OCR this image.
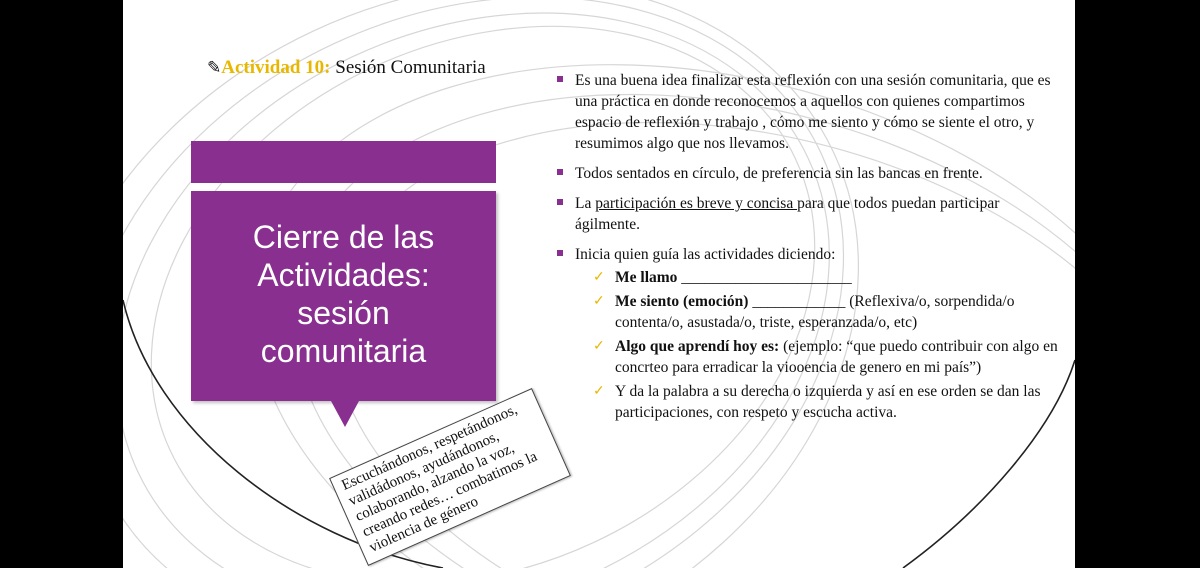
✎Actividad 10: Sesión Comunitaria
Cierre de las
Actividades:
sesión
comunitaria
Escuchándonos, respetándonos, validádonos, ayudándonos, colaborando, alzando la voz, creando redes… combatimos la violencia de género
Es una buena idea finalizar esta reflexión con una sesión comunitaria, que es una práctica en donde reconocemos a aquellos con quienes compartimos espacio de reflexión y trabajo , cómo me siento y cómo se siente el otro, y resumimos algo que nos llevamos.
Todos sentados en círculo, de preferencia sin las bancas en frente.
La participación es breve y concisa para que todos puedan participar ágilmente.
Inicia quien guía las actividades diciendo:
✓ Me llamo ______________________
✓ Me siento (emoción) ____________ (Reflexiva/o, sorpendida/o contenta/o, asustada/o, triste, esperanzada/o, etc)
✓ Algo que aprendí hoy es: (ejemplo: “que puedo contribuir con algo en concrteo para erradicar la viooencia de genero en mi país”)
✓ Y da la palabra a su derecha o izquierda y así en ese orden se dan las participaciones, con respeto y escucha activa.
